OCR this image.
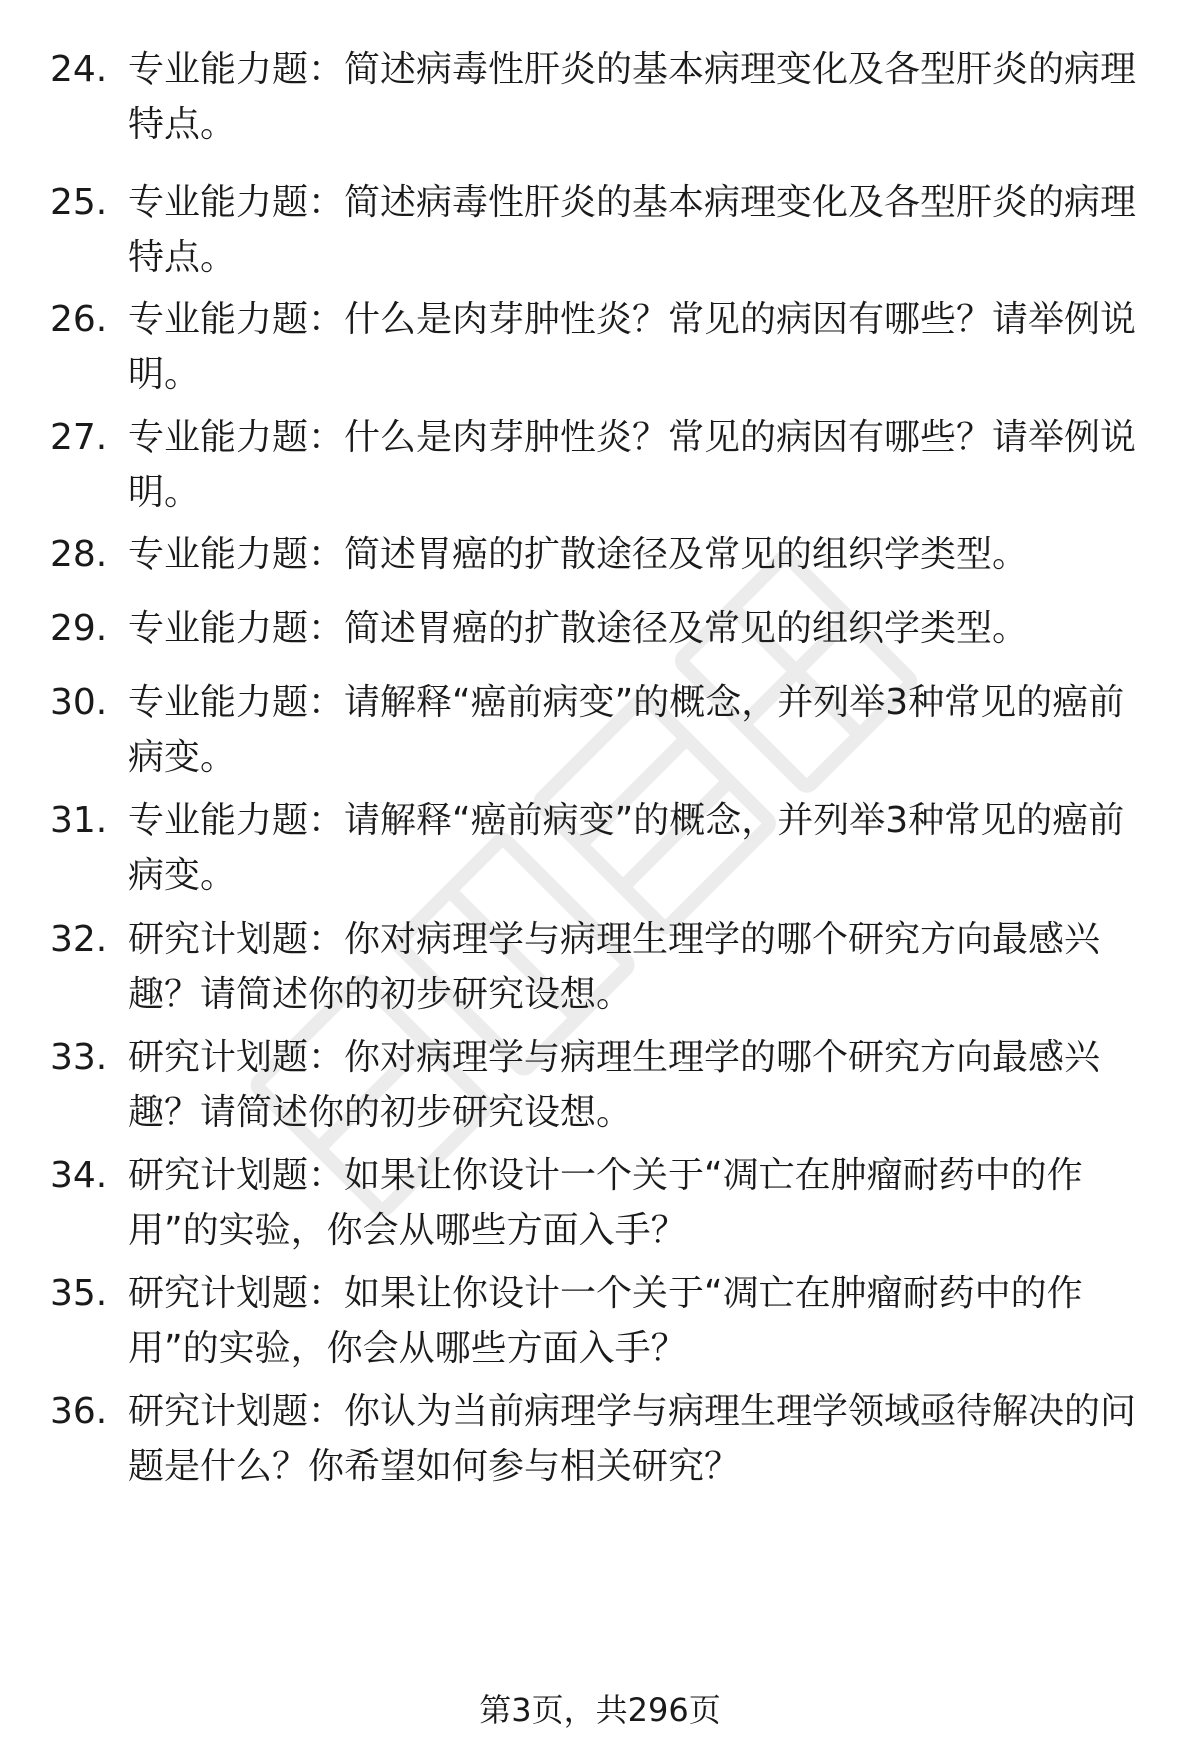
24. 专业能力题：简述病毒性肝炎的基本病理变化及各型肝炎的病理
特点。
25. 专业能力题：简述病毒性肝炎的基本病理变化及各型肝炎的病理
特点。
26. 专业能力题：什么是肉芽肿性炎？常见的病因有哪些？请举例说
明。
27. 专业能力题：什么是肉芽肿性炎？常见的病因有哪些？请举例说
明。
28. 专业能力题：简述胃癌的扩散途径及常见的组织学类型。
29. 专业能力题：简述胃癌的扩散途径及常见的组织学类型。
30. 专业能力题：请解释“癌前病变”的概念，并列举3种常见的癌前
病变。
31. 专业能力题：请解释“癌前病变”的概念，并列举3种常见的癌前
病变。
32. 研究计划题：你对病理学与病理生理学的哪个研究方向最感兴
趣？请简述你的初步研究设想。
33. 研究计划题：你对病理学与病理生理学的哪个研究方向最感兴
趣？请简述你的初步研究设想。
34. 研究计划题：如果让你设计一个关于“凋亡在肿瘤耐药中的作
用”的实验，你会从哪些方面入手？
35. 研究计划题：如果让你设计一个关于“凋亡在肿瘤耐药中的作
用”的实验，你会从哪些方面入手？
36. 研究计划题：你认为当前病理学与病理生理学领域亟待解决的问
题是什么？你希望如何参与相关研究？
第3页，共296页
